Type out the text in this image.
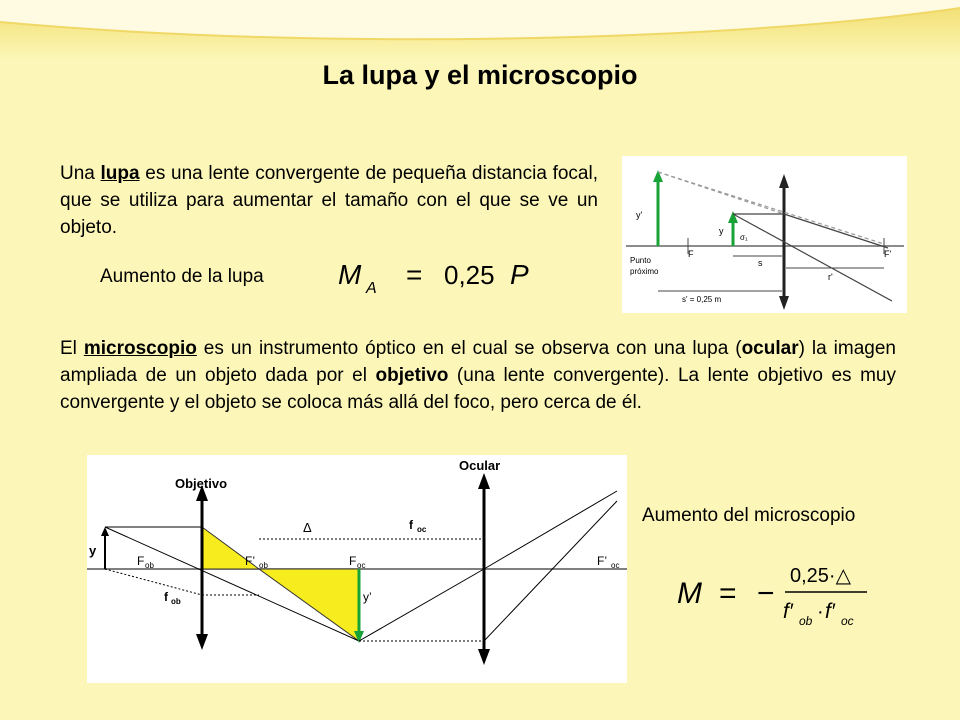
La lupa y el microscopio

Una lupa es una lente convergente de pequeña distancia focal, que se utiliza para aumentar el tamaño con el que se ve un objeto.

Aumento de la lupa	M A = 0,25 P
y'
y
σ₁
F	F'
s
r'
Punto
próximo
s' = 0,25 m

El microscopio es un instrumento óptico en el cual se observa con una lupa (ocular) la imagen ampliada de un objeto dada por el objetivo (una lente convergente). La lente objetivo es muy convergente y el objeto se coloca más allá del foco, pero cerca de él.

Ocular
Objetivo
Δ	f oc
y
F ob	F’ ob	F oc	F’ oc
f ob	y’
Aumento del microscopio
M = −
0,25·△
f′ ob · f′ oc
